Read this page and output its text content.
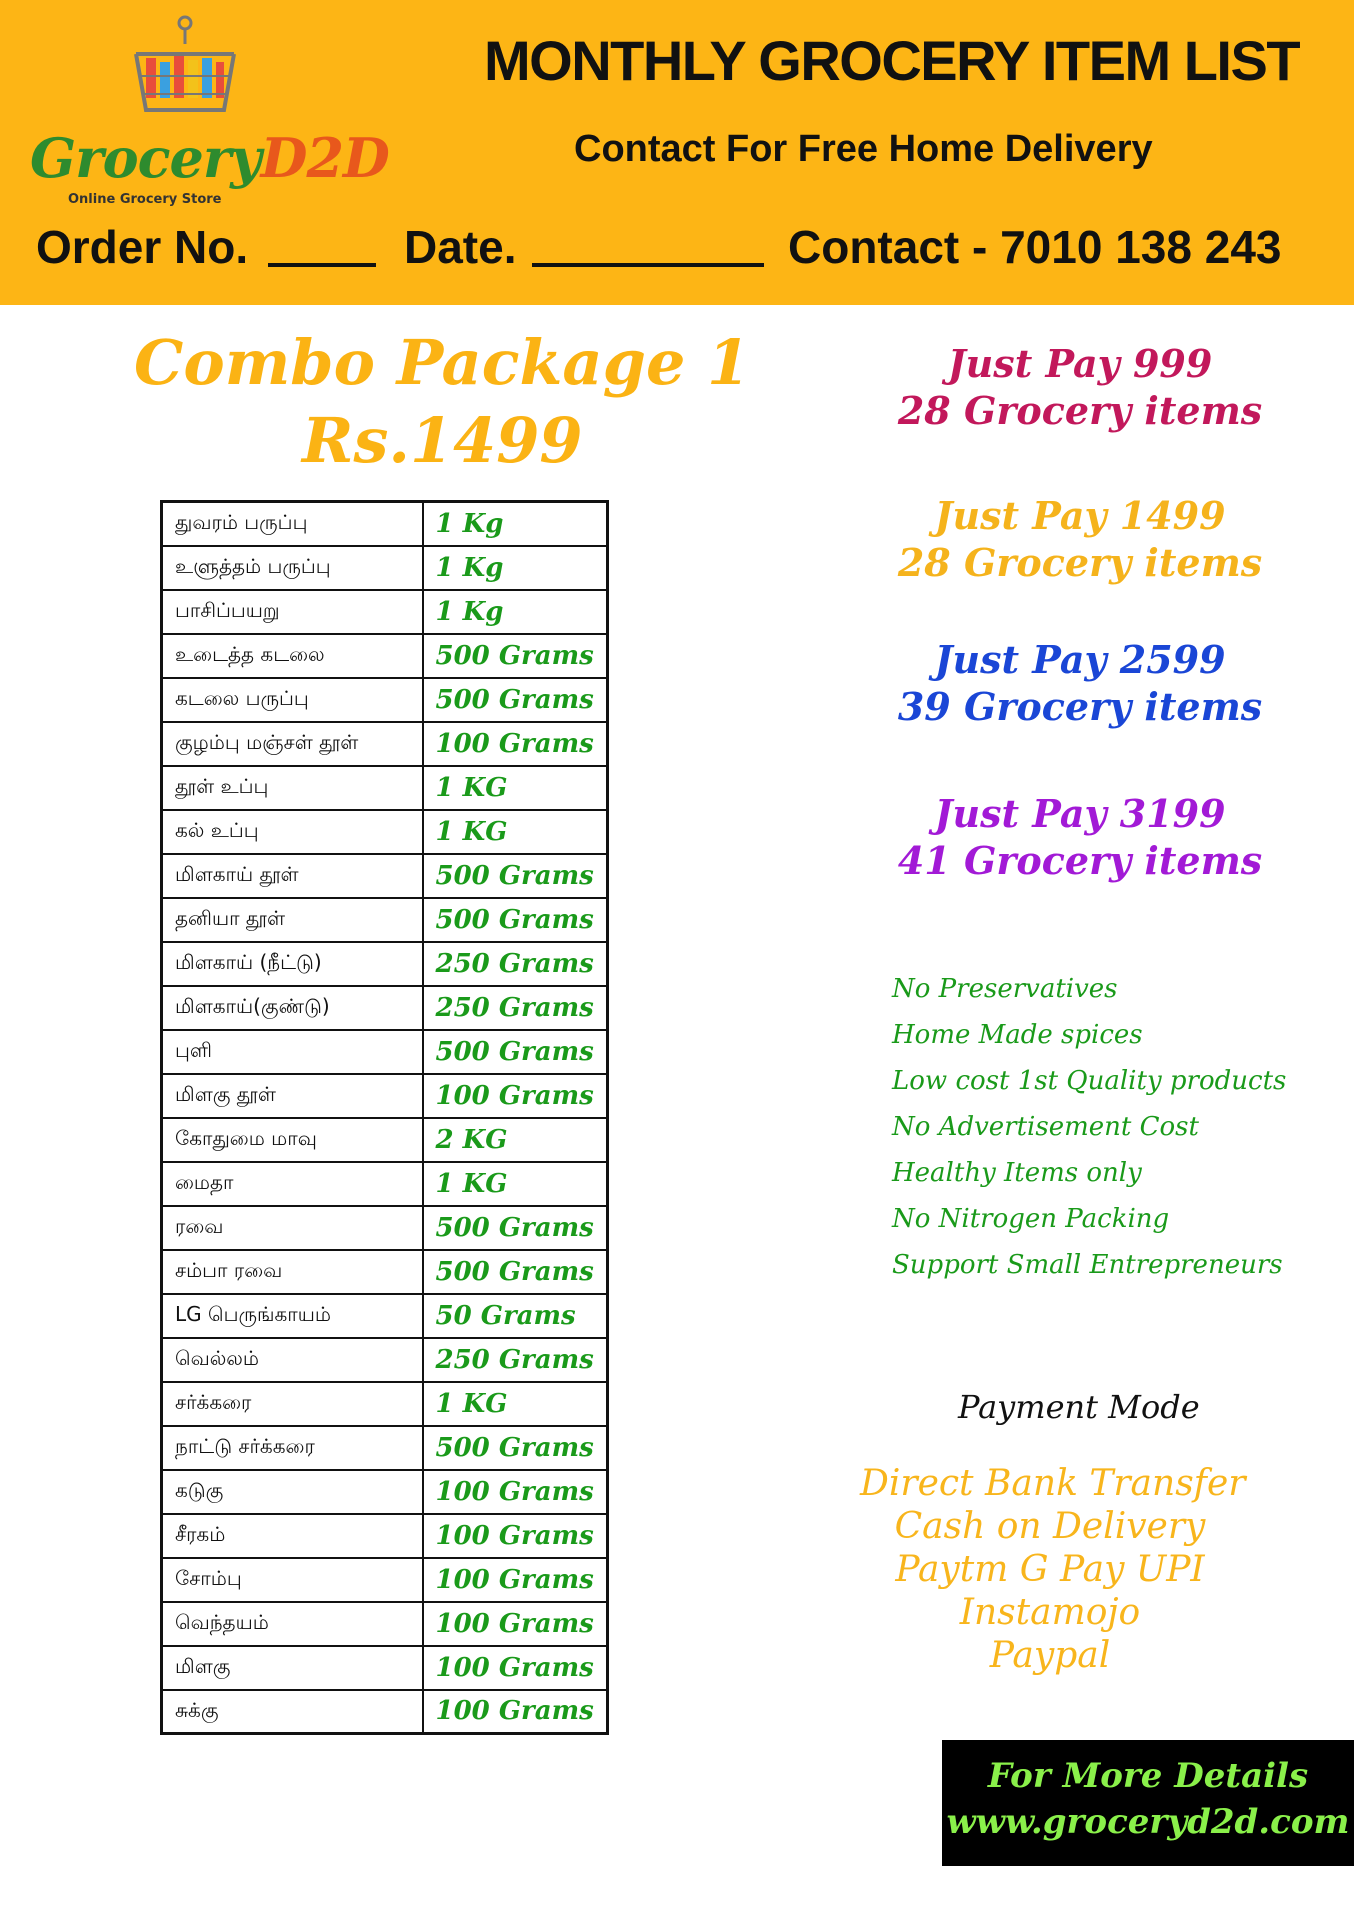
GroceryD2D
Online Grocery Store
MONTHLY GROCERY ITEM LIST
Contact For Free Home Delivery
Order No.	Date.	Contact - 7010 138 243
Combo Package 1
Rs.1499
துவரம் பருப்பு	1 Kg
உளுத்தம் பருப்பு	1 Kg
பாசிப்பயறு	1 Kg
உடைத்த கடலை	500 Grams
கடலை பருப்பு	500 Grams
குழம்பு மஞ்சள் தூள்	100 Grams
தூள் உப்பு	1 KG
கல் உப்பு	1 KG
மிளகாய் தூள்	500 Grams
தனியா தூள்	500 Grams
மிளகாய் (நீட்டு)	250 Grams
மிளகாய்(குண்டு)	250 Grams
புளி	500 Grams
மிளகு தூள்	100 Grams
கோதுமை மாவு	2 KG
மைதா	1 KG
ரவை	500 Grams
சம்பா ரவை	500 Grams
LG பெருங்காயம்	50 Grams
வெல்லம்	250 Grams
சர்க்கரை	1 KG
நாட்டு சர்க்கரை	500 Grams
கடுகு	100 Grams
சீரகம்	100 Grams
சோம்பு	100 Grams
வெந்தயம்	100 Grams
மிளகு	100 Grams
சுக்கு	100 Grams
Just Pay 999
28 Grocery items
Just Pay 1499
28 Grocery items
Just Pay 2599
39 Grocery items
Just Pay 3199
41 Grocery items
No Preservatives
Home Made spices
Low cost 1st Quality products
No Advertisement Cost
Healthy Items only
No Nitrogen Packing
Support Small Entrepreneurs
Payment Mode
Direct Bank Transfer
Cash on Delivery
Paytm G Pay UPI
Instamojo
Paypal
For More Details
www.groceryd2d.com
